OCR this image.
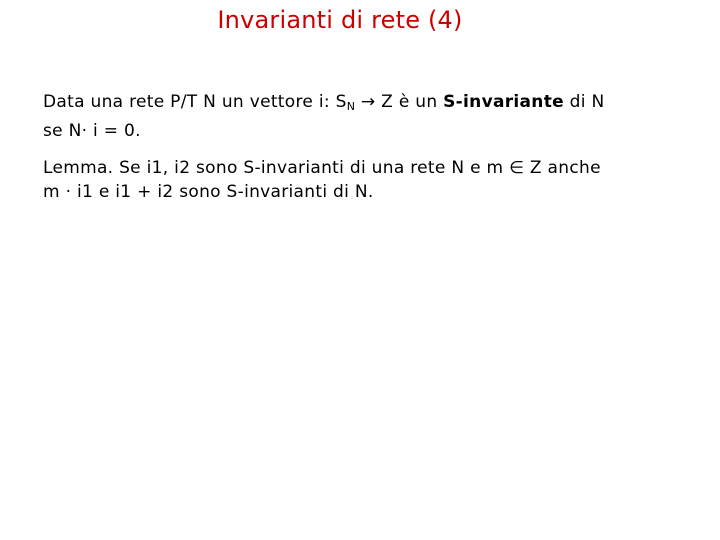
Invarianti di rete (4)
Data una rete P/T N un vettore i: $S_N \to Z$ è un S-invariante di N
se N· i = 0.
Lemma. Se i1, i2 sono S-invarianti di una rete N e m ∈ Z anche
m · i1 e i1 + i2 sono S-invarianti di N.
